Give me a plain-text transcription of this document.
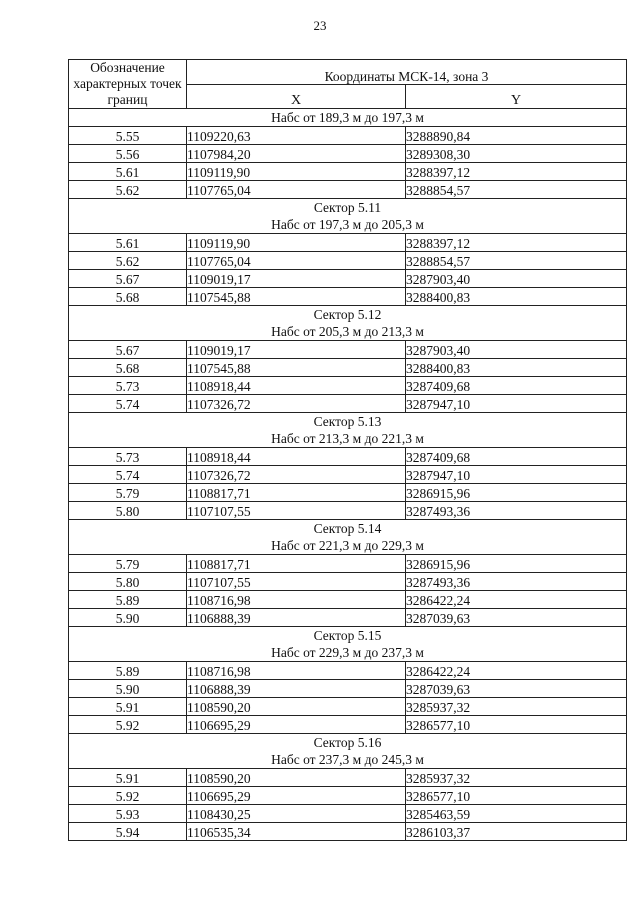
23
Обозначение характерных точек границ	Координаты МСК-14, зона 3	
	X	Y

Набс от 189,3 м до 197,3 м		

5.55	1109220,63	3288890,84
5.56	1107984,20	3289308,30
5.61	1109119,90	3288397,12
5.62	1107765,04	3288854,57

Сектор 5.11
Набс от 197,3 м до 205,3 м		

5.61	1109119,90	3288397,12
5.62	1107765,04	3288854,57
5.67	1109019,17	3287903,40
5.68	1107545,88	3288400,83

Сектор 5.12
Набс от 205,3 м до 213,3 м		

5.67	1109019,17	3287903,40
5.68	1107545,88	3288400,83
5.73	1108918,44	3287409,68
5.74	1107326,72	3287947,10

Сектор 5.13
Набс от 213,3 м до 221,3 м		

5.73	1108918,44	3287409,68
5.74	1107326,72	3287947,10
5.79	1108817,71	3286915,96
5.80	1107107,55	3287493,36

Сектор 5.14
Набс от 221,3 м до 229,3 м		

5.79	1108817,71	3286915,96
5.80	1107107,55	3287493,36
5.89	1108716,98	3286422,24
5.90	1106888,39	3287039,63

Сектор 5.15
Набс от 229,3 м до 237,3 м		

5.89	1108716,98	3286422,24
5.90	1106888,39	3287039,63
5.91	1108590,20	3285937,32
5.92	1106695,29	3286577,10

Сектор 5.16
Набс от 237,3 м до 245,3 м		

5.91	1108590,20	3285937,32
5.92	1106695,29	3286577,10
5.93	1108430,25	3285463,59
5.94	1106535,34	3286103,37
